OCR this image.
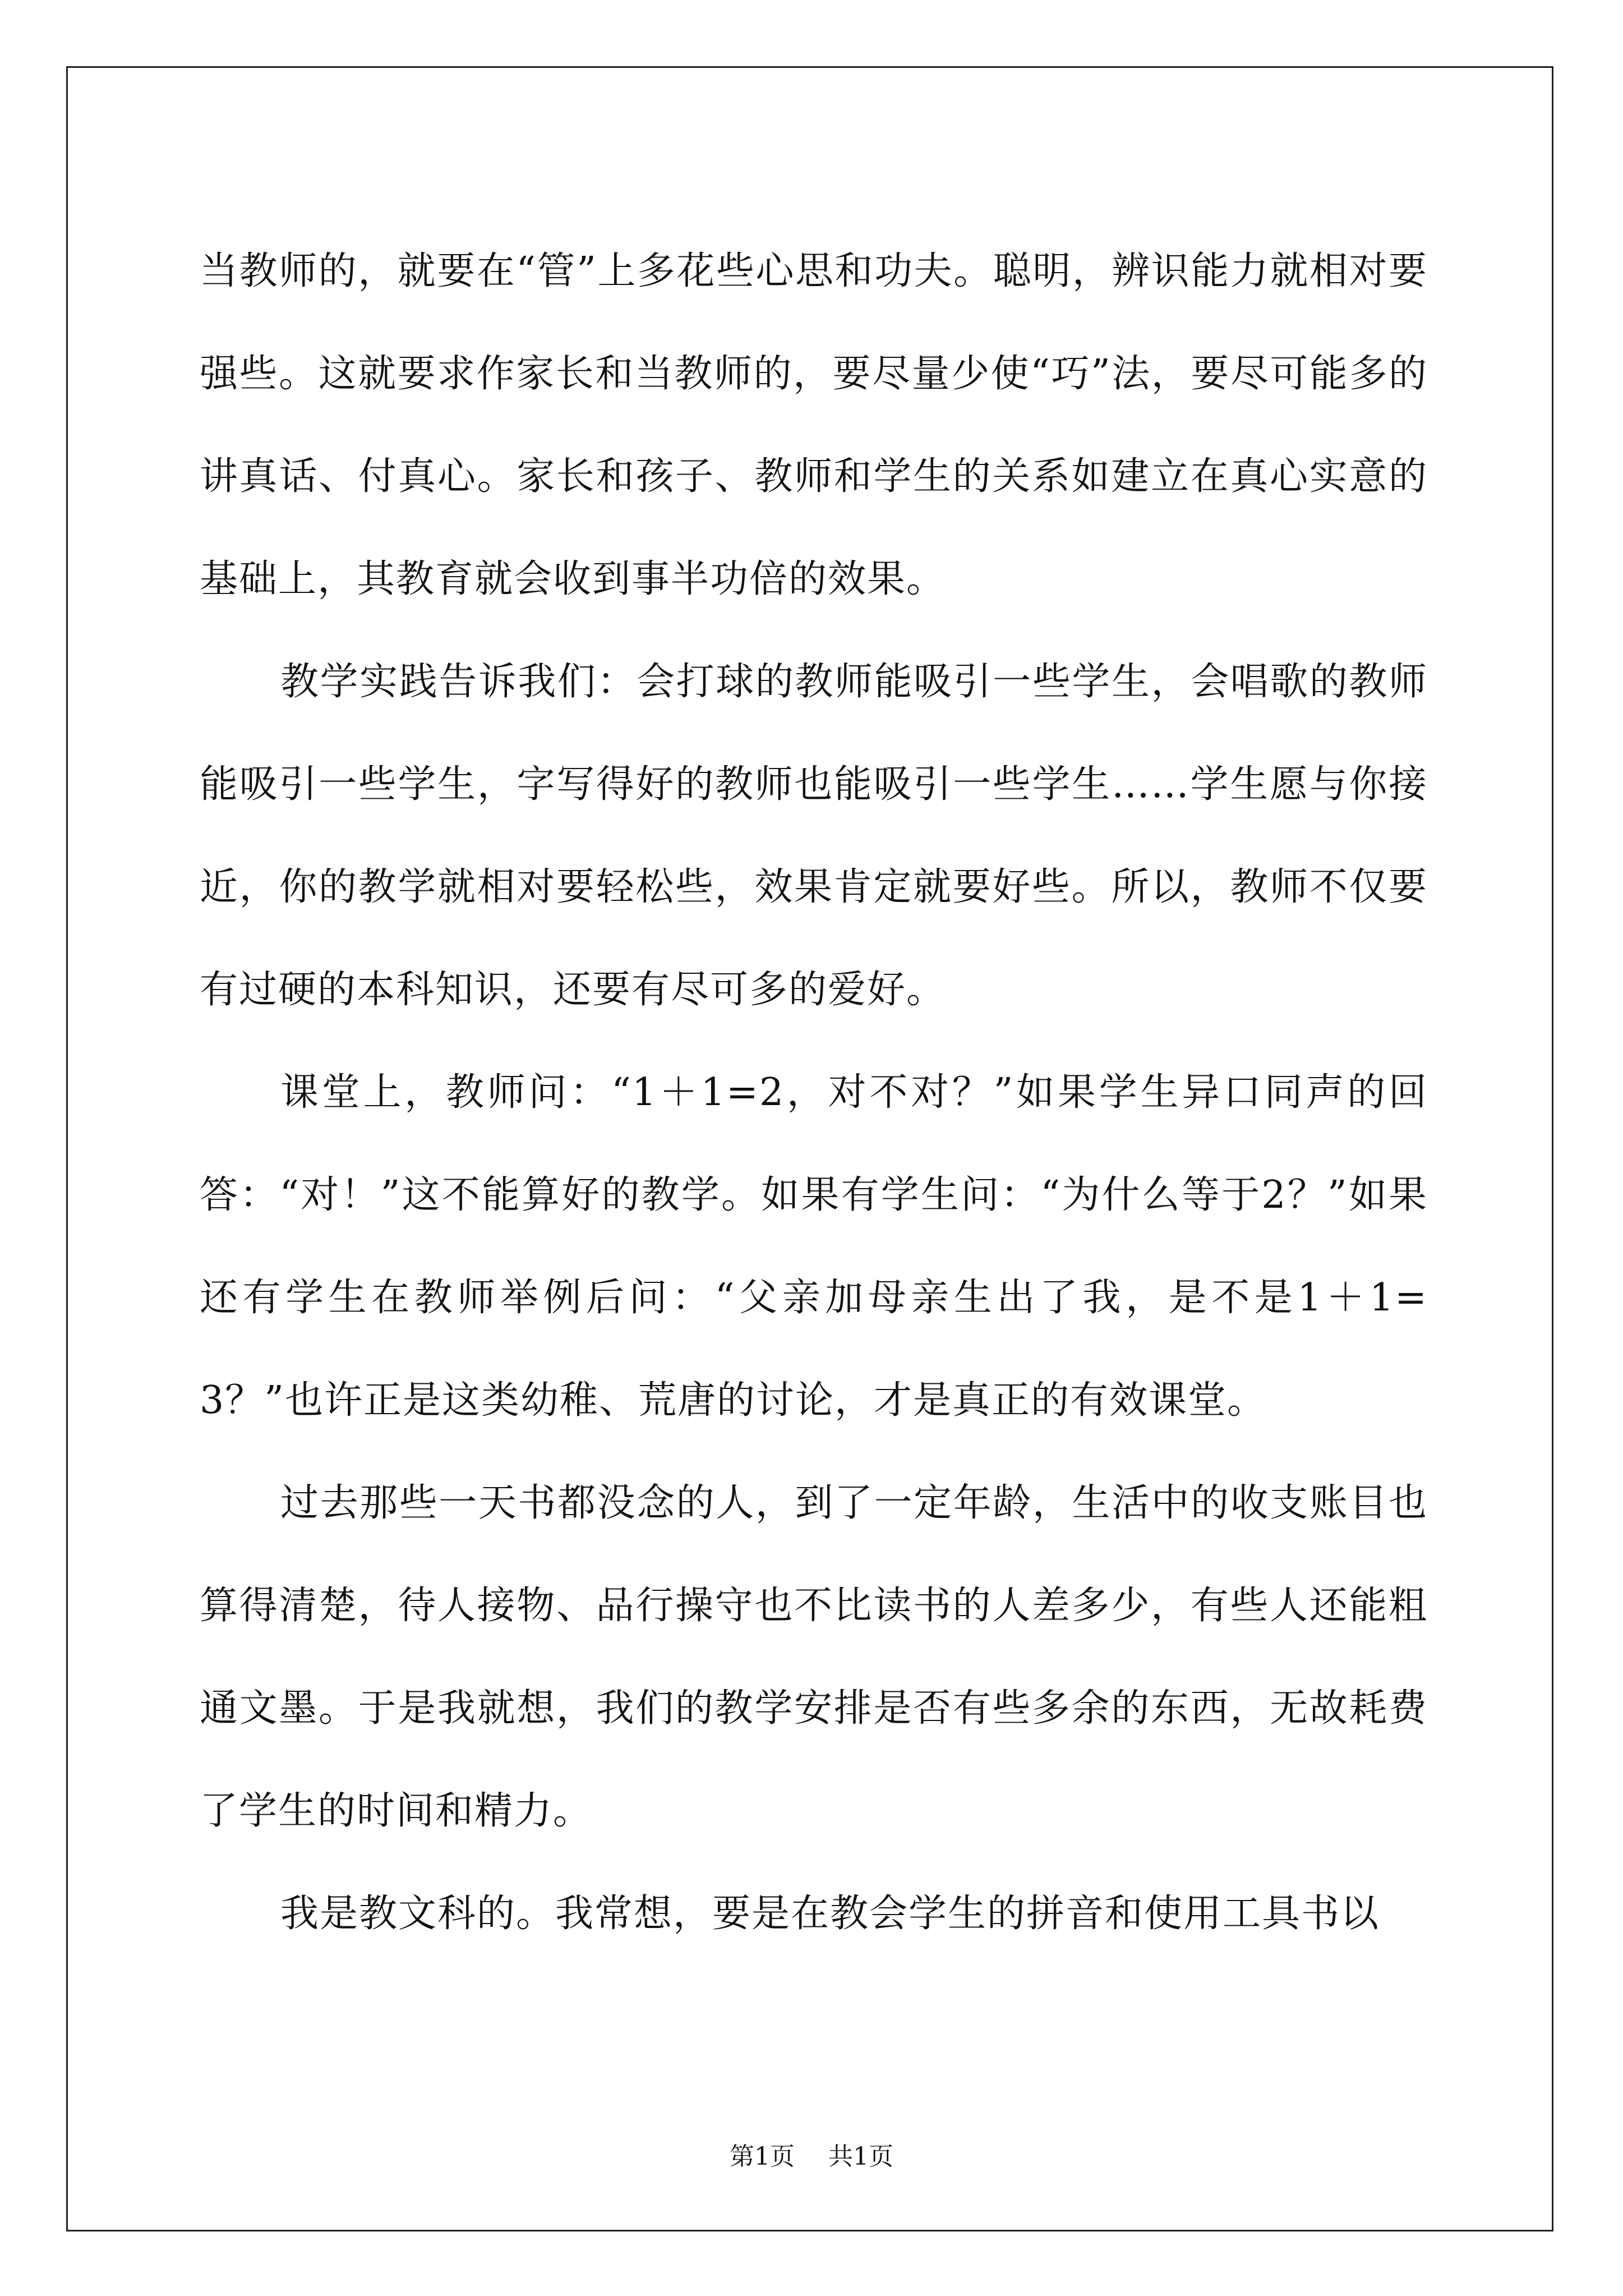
当教师的，就要在“管”上多花些心思和功夫。聪明，辨识能力就相对要强些。这就要求作家长和当教师的，要尽量少使“巧”法，要尽可能多的讲真话、付真心。家长和孩子、教师和学生的关系如建立在真心实意的基础上，其教育就会收到事半功倍的效果。

教学实践告诉我们：会打球的教师能吸引一些学生，会唱歌的教师能吸引一些学生，字写得好的教师也能吸引一些学生……学生愿与你接近，你的教学就相对要轻松些，效果肯定就要好些。所以，教师不仅要有过硬的本科知识，还要有尽可多的爱好。

课堂上，教师问：“1＋1=2，对不对？”如果学生异口同声的回答：“对！”这不能算好的教学。如果有学生问：“为什么等于2？”如果还有学生在教师举例后问：“父亲加母亲生出了我，是不是1＋1=3？”也许正是这类幼稚、荒唐的讨论，才是真正的有效课堂。

过去那些一天书都没念的人，到了一定年龄，生活中的收支账目也算得清楚，待人接物、品行操守也不比读书的人差多少，有些人还能粗通文墨。于是我就想，我们的教学安排是否有些多余的东西，无故耗费了学生的时间和精力。

我是教文科的。我常想，要是在教会学生的拼音和使用工具书以

第1页 共1页
